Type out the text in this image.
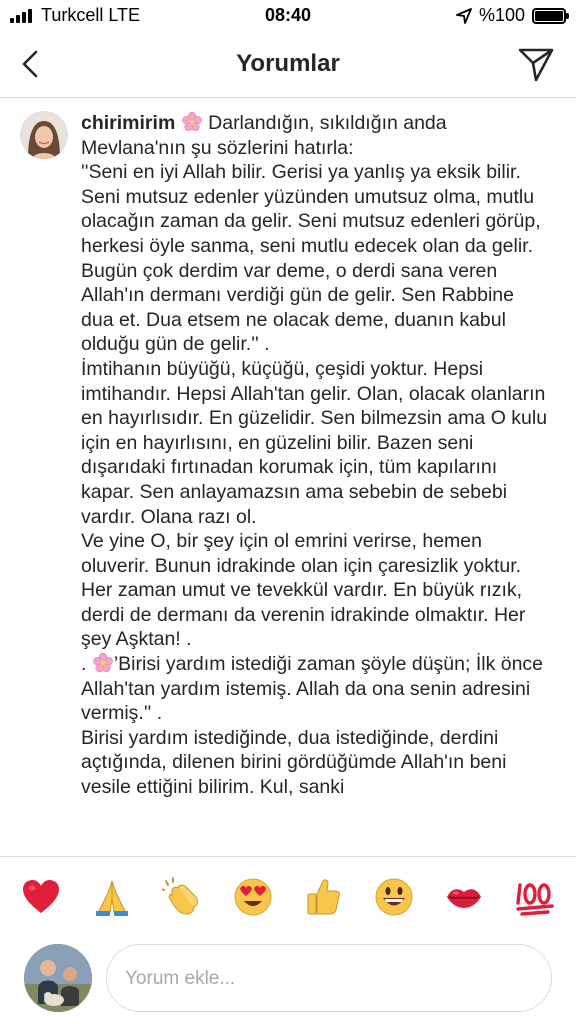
Turkcell LTE	08:40	%100
Yorumlar

chirimirim Darlandığın, sıkıldığın anda Mevlana'nın şu sözlerini hatırla:

''Seni en iyi Allah bilir. Gerisi ya yanlış ya eksik bilir. Seni mutsuz edenler yüzünden umutsuz olma, mutlu olacağın zaman da gelir. Seni mutsuz edenleri görüp, herkesi öyle sanma, seni mutlu edecek olan da gelir. Bugün çok derdim var deme, o derdi sana veren Allah'ın dermanı verdiği gün de gelir. Sen Rabbine dua et. Dua etsem ne olacak deme, duanın kabul olduğu gün de gelir.'' .

İmtihanın büyüğü, küçüğü, çeşidi yoktur. Hepsi imtihandır. Hepsi Allah'tan gelir. Olan, olacak olanların en hayırlısıdır. En güzelidir. Sen bilmezsin ama O kulu için en hayırlısını, en güzelini bilir. Bazen seni dışarıdaki fırtınadan korumak için, tüm kapılarını kapar. Sen anlayamazsın ama sebebin de sebebi vardır. Olana razı ol.

Ve yine O, bir şey için ol emrini verirse, hemen oluverir. Bunun idrakinde olan için çaresizlik yoktur. Her zaman umut ve tevekkül vardır. En büyük rızık, derdi de dermanı da verenin idrakinde olmaktır. Her şey Aşktan! .

. ’Birisi yardım istediği zaman şöyle düşün; İlk önce Allah'tan yardım istemiş. Allah da ona senin adresini vermiş.'' .

Birisi yardım istediğinde, dua istediğinde, derdini açtığında, dilenen birini gördüğümde Allah'ın beni vesile ettiğini bilirim. Kul, sanki

Yorum ekle...
